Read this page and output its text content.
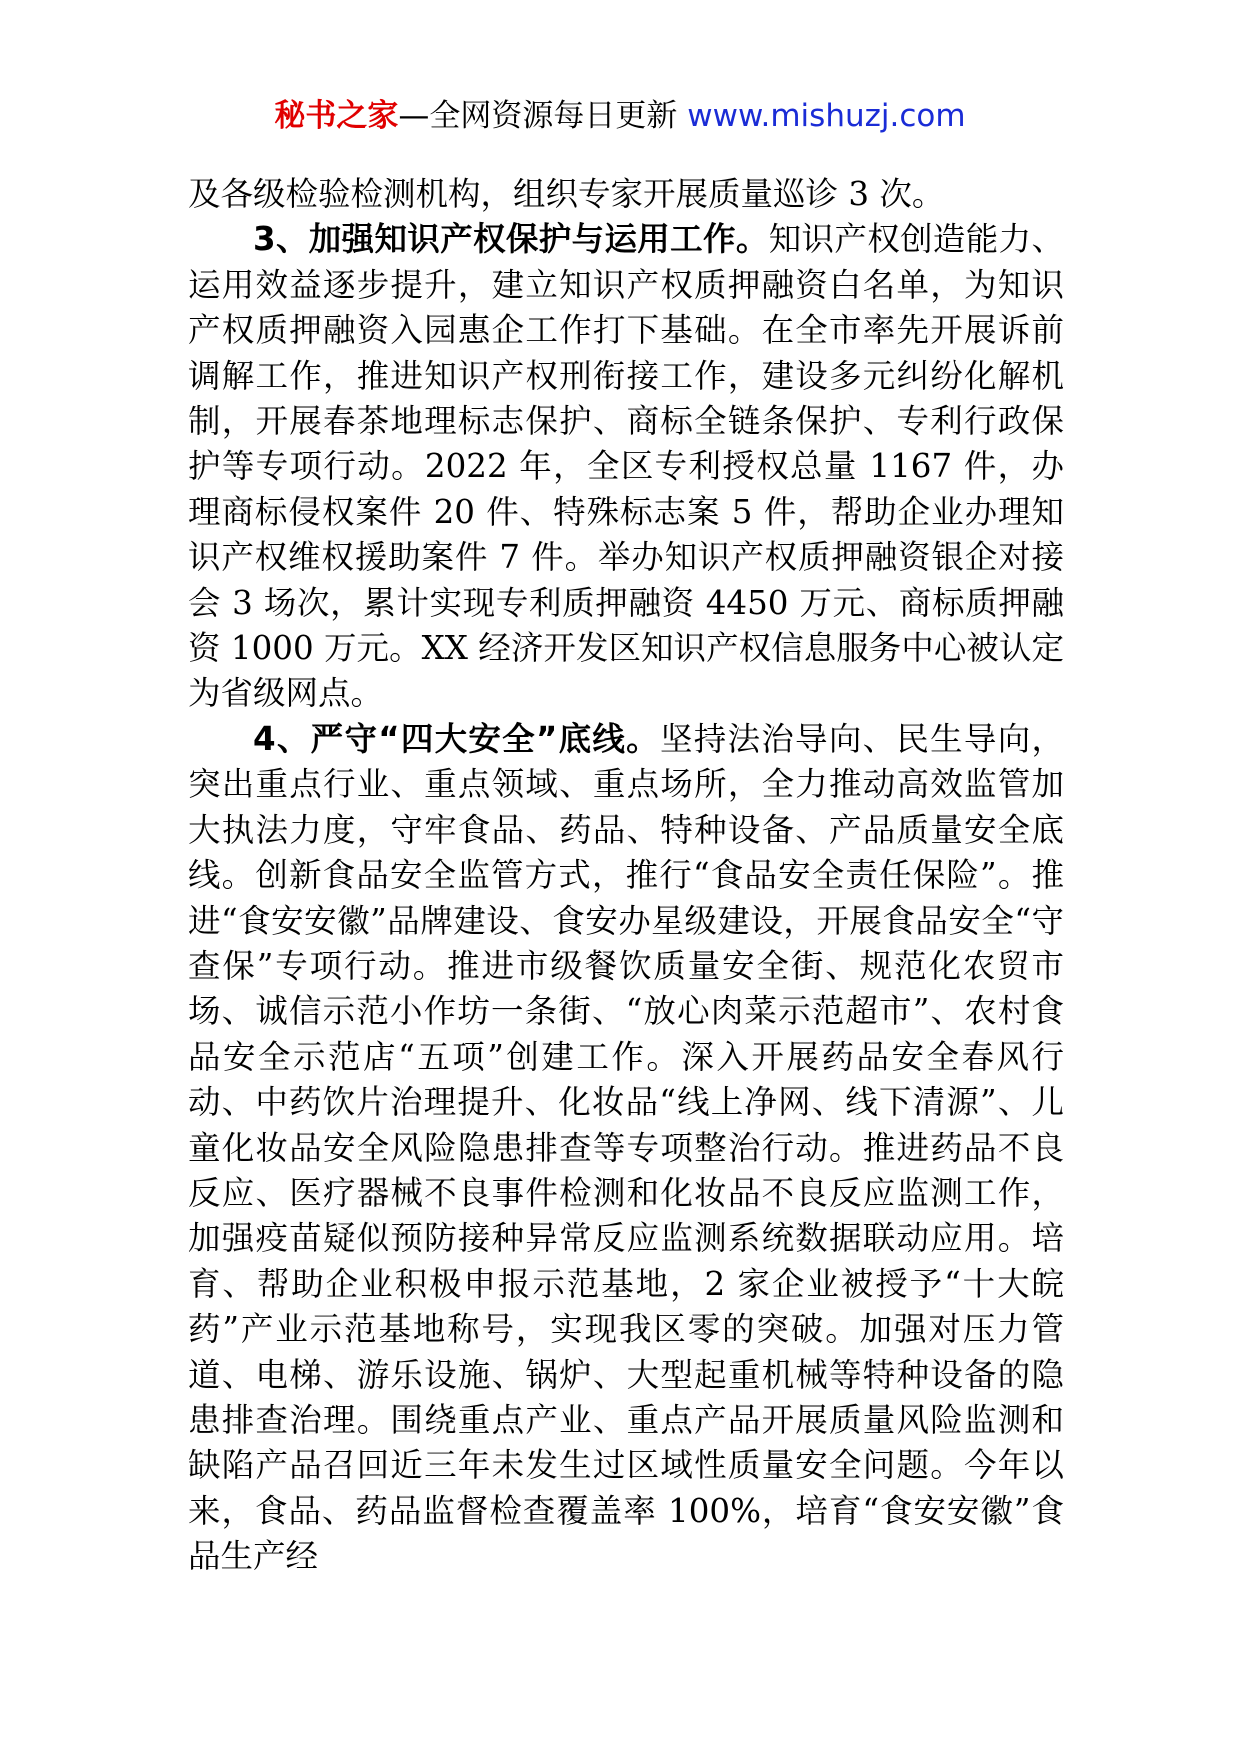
秘书之家—全网资源每日更新 www.mishuzj.com

及各级检验检测机构，组织专家开展质量巡诊 3 次。

3、加强知识产权保护与运用工作。知识产权创造能力、运用效益逐步提升，建立知识产权质押融资白名单，为知识产权质押融资入园惠企工作打下基础。在全市率先开展诉前调解工作，推进知识产权刑衔接工作，建设多元纠纷化解机制，开展春茶地理标志保护、商标全链条保护、专利行政保护等专项行动。2022 年，全区专利授权总量 1167 件，办理商标侵权案件 20 件、特殊标志案 5 件，帮助企业办理知识产权维权援助案件 7 件。举办知识产权质押融资银企对接会 3 场次，累计实现专利质押融资 4450 万元、商标质押融资 1000 万元。XX 经济开发区知识产权信息服务中心被认定为省级网点。

4、严守“四大安全”底线。坚持法治导向、民生导向，突出重点行业、重点领域、重点场所，全力推动高效监管加大执法力度，守牢食品、药品、特种设备、产品质量安全底线。创新食品安全监管方式，推行“食品安全责任保险”。推进“食安安徽”品牌建设、食安办星级建设，开展食品安全“守查保”专项行动。推进市级餐饮质量安全街、规范化农贸市场、诚信示范小作坊一条街、“放心肉菜示范超市”、农村食品安全示范店“五项”创建工作。深入开展药品安全春风行动、中药饮片治理提升、化妆品“线上净网、线下清源”、儿童化妆品安全风险隐患排查等专项整治行动。推进药品不良反应、医疗器械不良事件检测和化妆品不良反应监测工作，加强疫苗疑似预防接种异常反应监测系统数据联动应用。培育、帮助企业积极申报示范基地，2 家企业被授予“十大皖药”产业示范基地称号，实现我区零的突破。加强对压力管道、电梯、游乐设施、锅炉、大型起重机械等特种设备的隐患排查治理。围绕重点产业、重点产品开展质量风险监测和缺陷产品召回近三年未发生过区域性质量安全问题。今年以来，食品、药品监督检查覆盖率 100%，培育“食安安徽”食品生产经
